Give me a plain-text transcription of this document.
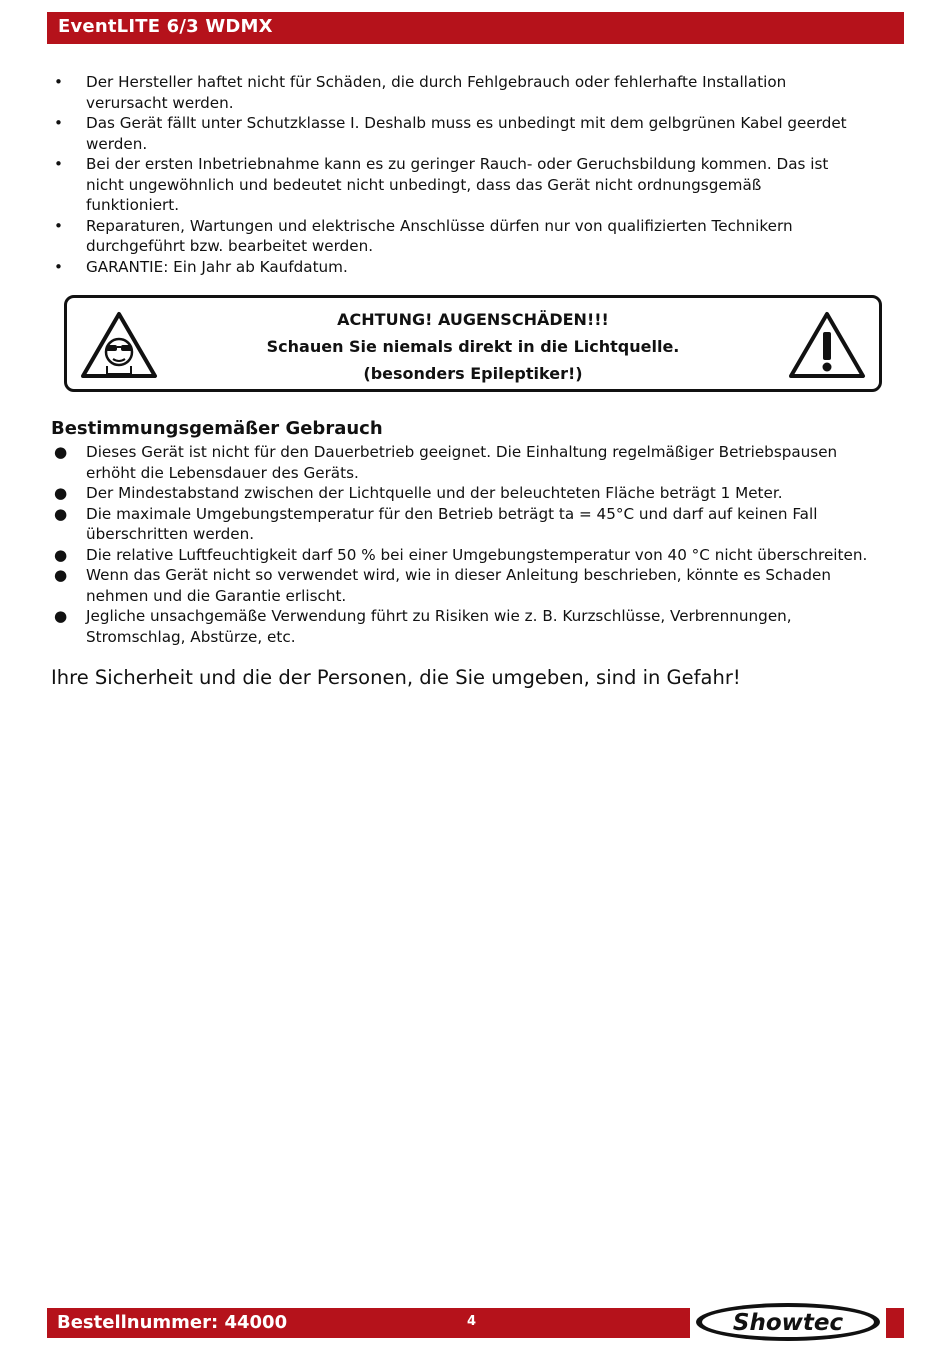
EventLITE 6/3 WDMX
• Der Hersteller haftet nicht für Schäden, die durch Fehlgebrauch oder fehlerhafte Installation
verursacht werden.
• Das Gerät fällt unter Schutzklasse I. Deshalb muss es unbedingt mit dem gelbgrünen Kabel geerdet
werden.
• Bei der ersten Inbetriebnahme kann es zu geringer Rauch- oder Geruchsbildung kommen. Das ist
nicht ungewöhnlich und bedeutet nicht unbedingt, dass das Gerät nicht ordnungsgemäß
funktioniert.
• Reparaturen, Wartungen und elektrische Anschlüsse dürfen nur von qualifizierten Technikern
durchgeführt bzw. bearbeitet werden.
• GARANTIE: Ein Jahr ab Kaufdatum.
ACHTUNG! AUGENSCHÄDEN!!!
Schauen Sie niemals direkt in die Lichtquelle.
(besonders Epileptiker!)
Bestimmungsgemäßer Gebrauch
● Dieses Gerät ist nicht für den Dauerbetrieb geeignet. Die Einhaltung regelmäßiger Betriebspausen
erhöht die Lebensdauer des Geräts.
● Der Mindestabstand zwischen der Lichtquelle und der beleuchteten Fläche beträgt 1 Meter.
● Die maximale Umgebungstemperatur für den Betrieb beträgt ta = 45°C und darf auf keinen Fall
überschritten werden.
● Die relative Luftfeuchtigkeit darf 50 % bei einer Umgebungstemperatur von 40 °C nicht überschreiten.
● Wenn das Gerät nicht so verwendet wird, wie in dieser Anleitung beschrieben, könnte es Schaden
nehmen und die Garantie erlischt.
● Jegliche unsachgemäße Verwendung führt zu Risiken wie z. B. Kurzschlüsse, Verbrennungen,
Stromschlag, Abstürze, etc.
Ihre Sicherheit und die der Personen, die Sie umgeben, sind in Gefahr!
Bestellnummer: 44000	4	Showtec
